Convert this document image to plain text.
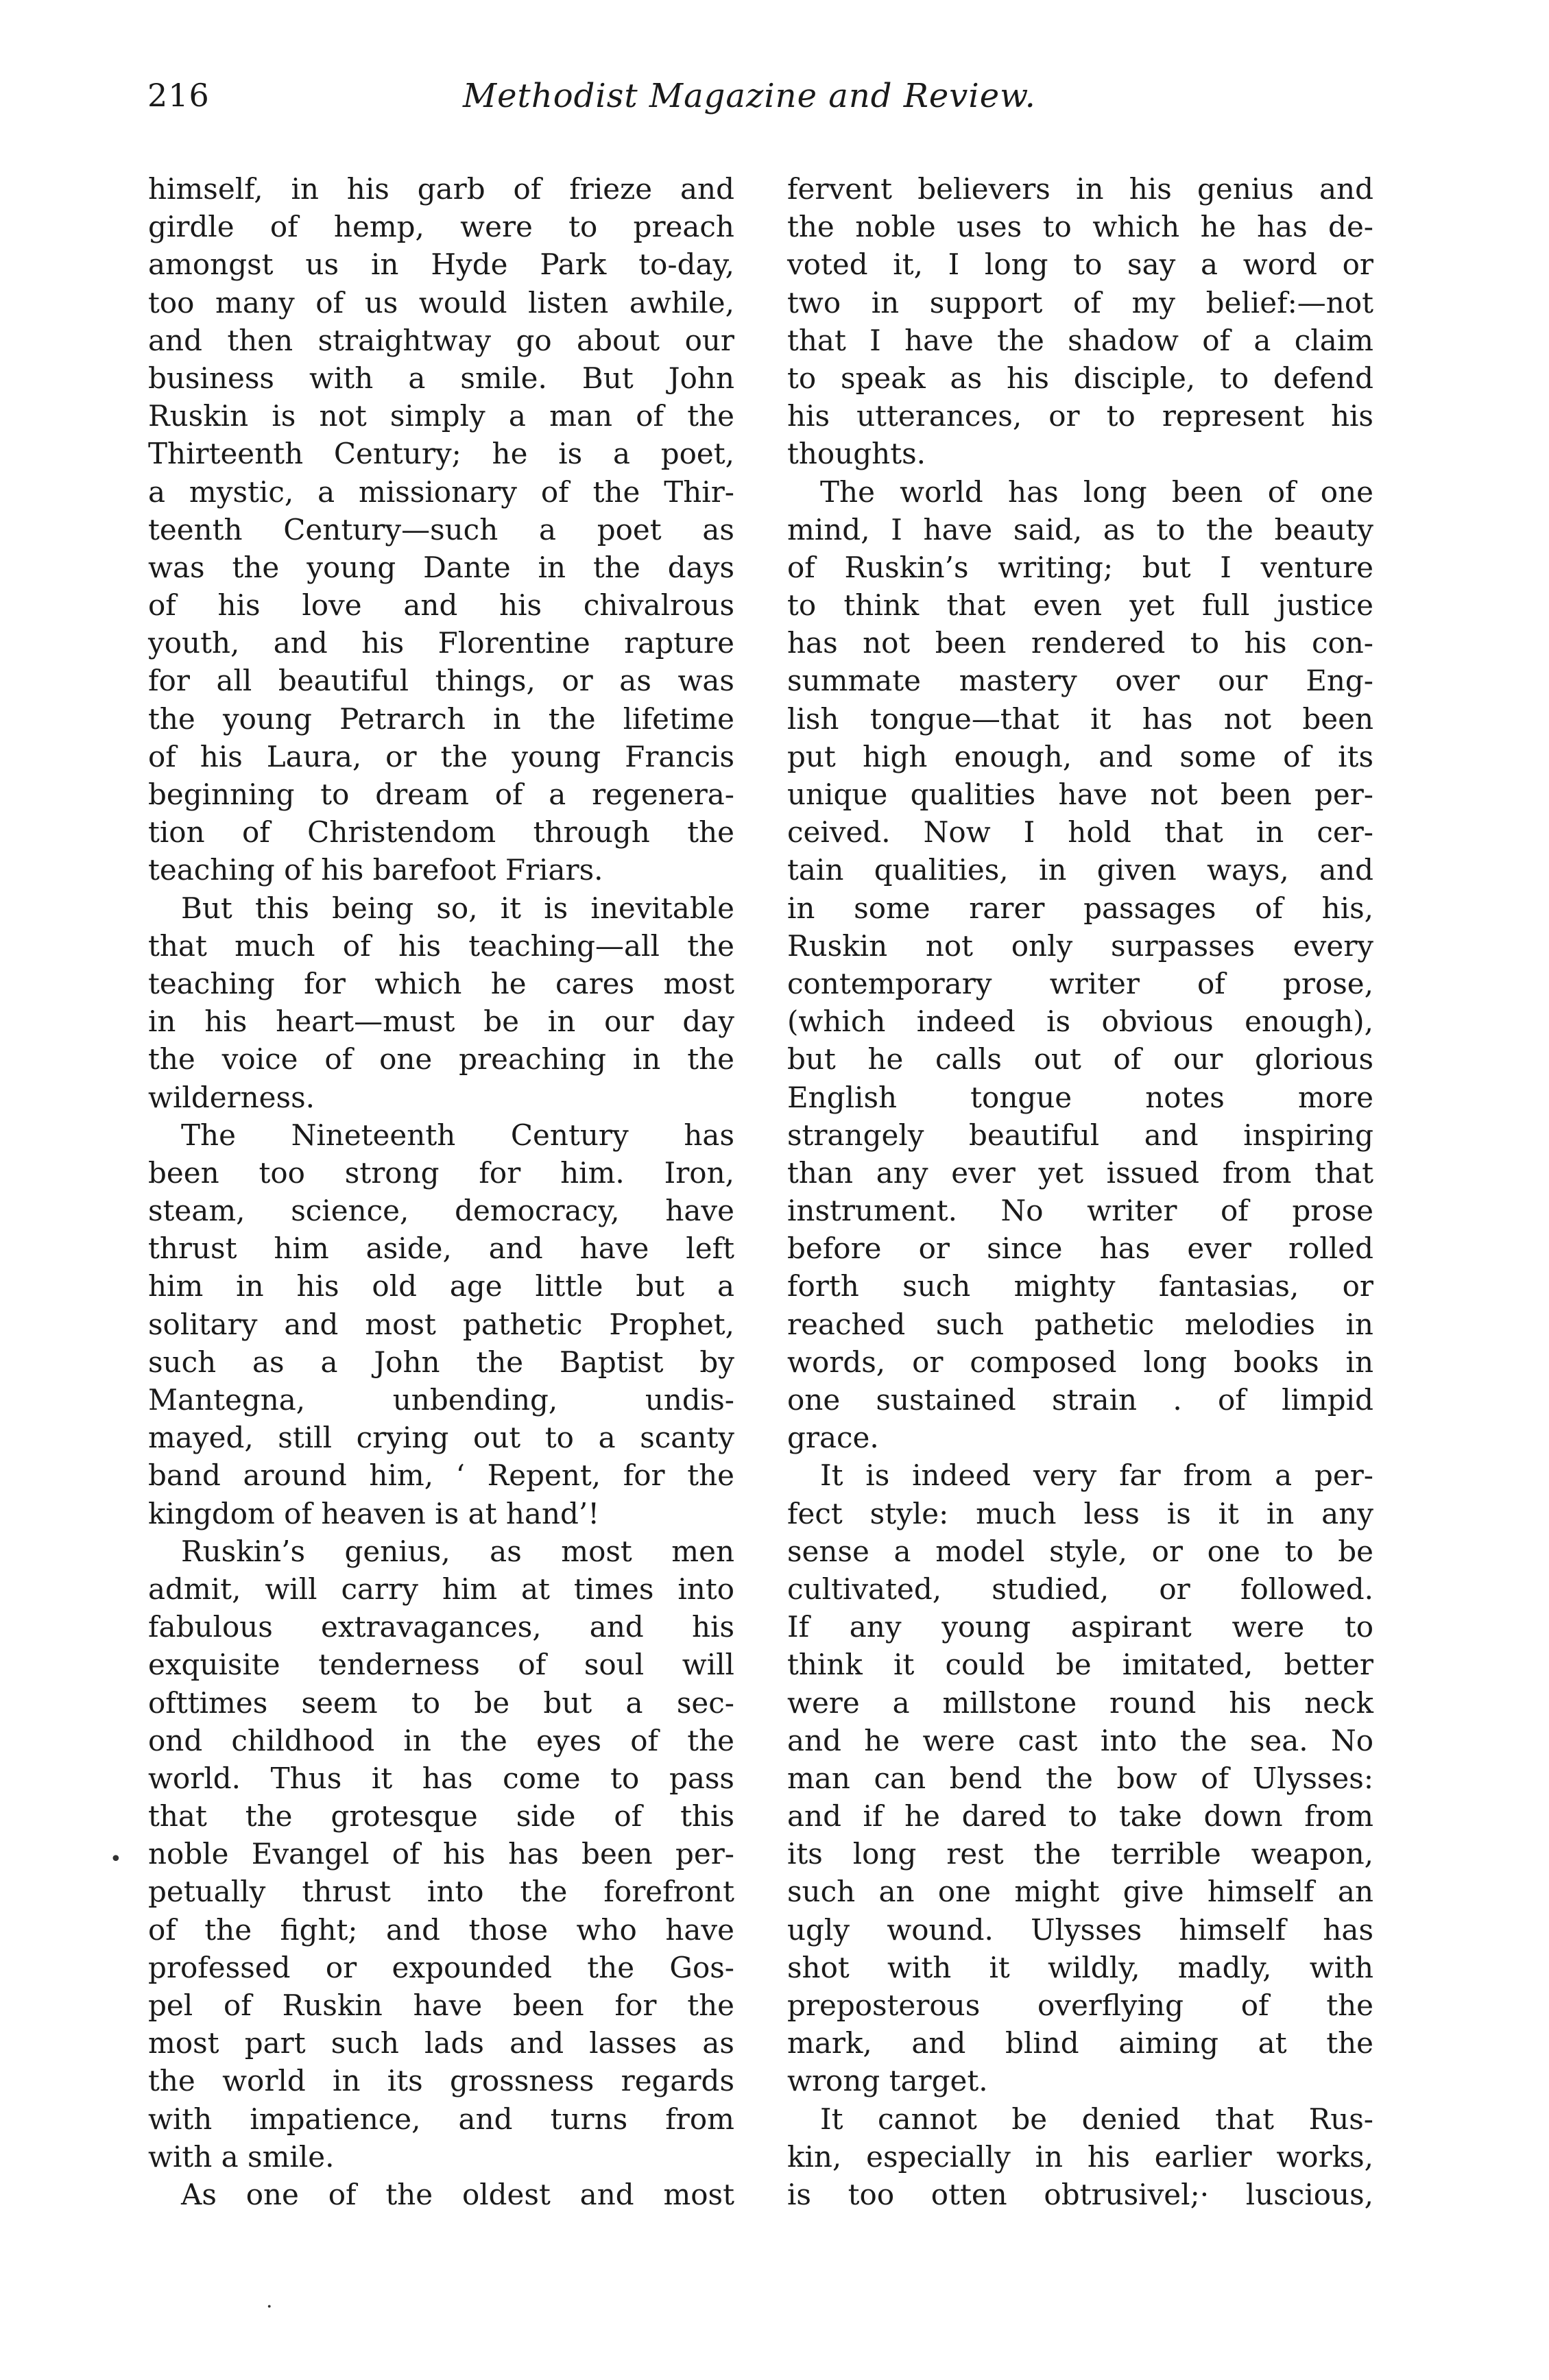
216	Methodist Magazine and Review.
himself, in his garb of frieze and
girdle of hemp, were to preach
amongst us in Hyde Park to-day,
too many of us would listen awhile,
and then straightway go about our
business with a smile. But John
Ruskin is not simply a man of the
Thirteenth Century; he is a poet,
a mystic, a missionary of the Thir-
teenth Century—such a poet as
was the young Dante in the days
of his love and his chivalrous
youth, and his Florentine rapture
for all beautiful things, or as was
the young Petrarch in the lifetime
of his Laura, or the young Francis
beginning to dream of a regenera-
tion of Christendom through the
teaching of his barefoot Friars.
But this being so, it is inevitable
that much of his teaching—all the
teaching for which he cares most
in his heart—must be in our day
the voice of one preaching in the
wilderness.
The Nineteenth Century has
been too strong for him. Iron,
steam, science, democracy, have
thrust him aside, and have left
him in his old age little but a
solitary and most pathetic Prophet,
such as a John the Baptist by
Mantegna, unbending, undis-
mayed, still crying out to a scanty
band around him, ‘ Repent, for the
kingdom of heaven is at hand’!
Ruskin’s genius, as most men
admit, will carry him at times into
fabulous extravagances, and his
exquisite tenderness of soul will
ofttimes seem to be but a sec-
ond childhood in the eyes of the
world. Thus it has come to pass
that the grotesque side of this
noble Evangel of his has been per-
petually thrust into the forefront
of the fight; and those who have
professed or expounded the Gos-
pel of Ruskin have been for the
most part such lads and lasses as
the world in its grossness regards
with impatience, and turns from
with a smile.
As one of the oldest and most
fervent believers in his genius and
the noble uses to which he has de-
voted it, I long to say a word or
two in support of my belief:—not
that I have the shadow of a claim
to speak as his disciple, to defend
his utterances, or to represent his
thoughts.
The world has long been of one
mind, I have said, as to the beauty
of Ruskin’s writing; but I venture
to think that even yet full justice
has not been rendered to his con-
summate mastery over our Eng-
lish tongue—that it has not been
put high enough, and some of its
unique qualities have not been per-
ceived. Now I hold that in cer-
tain qualities, in given ways, and
in some rarer passages of his,
Ruskin not only surpasses every
contemporary writer of prose,
(which indeed is obvious enough),
but he calls out of our glorious
English tongue notes more
strangely beautiful and inspiring
than any ever yet issued from that
instrument. No writer of prose
before or since has ever rolled
forth such mighty fantasias, or
reached such pathetic melodies in
words, or composed long books in
one sustained strain . of limpid
grace.
It is indeed very far from a per-
fect style: much less is it in any
sense a model style, or one to be
cultivated, studied, or followed.
If any young aspirant were to
think it could be imitated, better
were a millstone round his neck
and he were cast into the sea. No
man can bend the bow of Ulysses:
and if he dared to take down from
its long rest the terrible weapon,
such an one might give himself an
ugly wound. Ulysses himself has
shot with it wildly, madly, with
preposterous overflying of the
mark, and blind aiming at the
wrong target.
It cannot be denied that Rus-
kin, especially in his earlier works,
is too otten obtrusivel;· luscious,
•
·
